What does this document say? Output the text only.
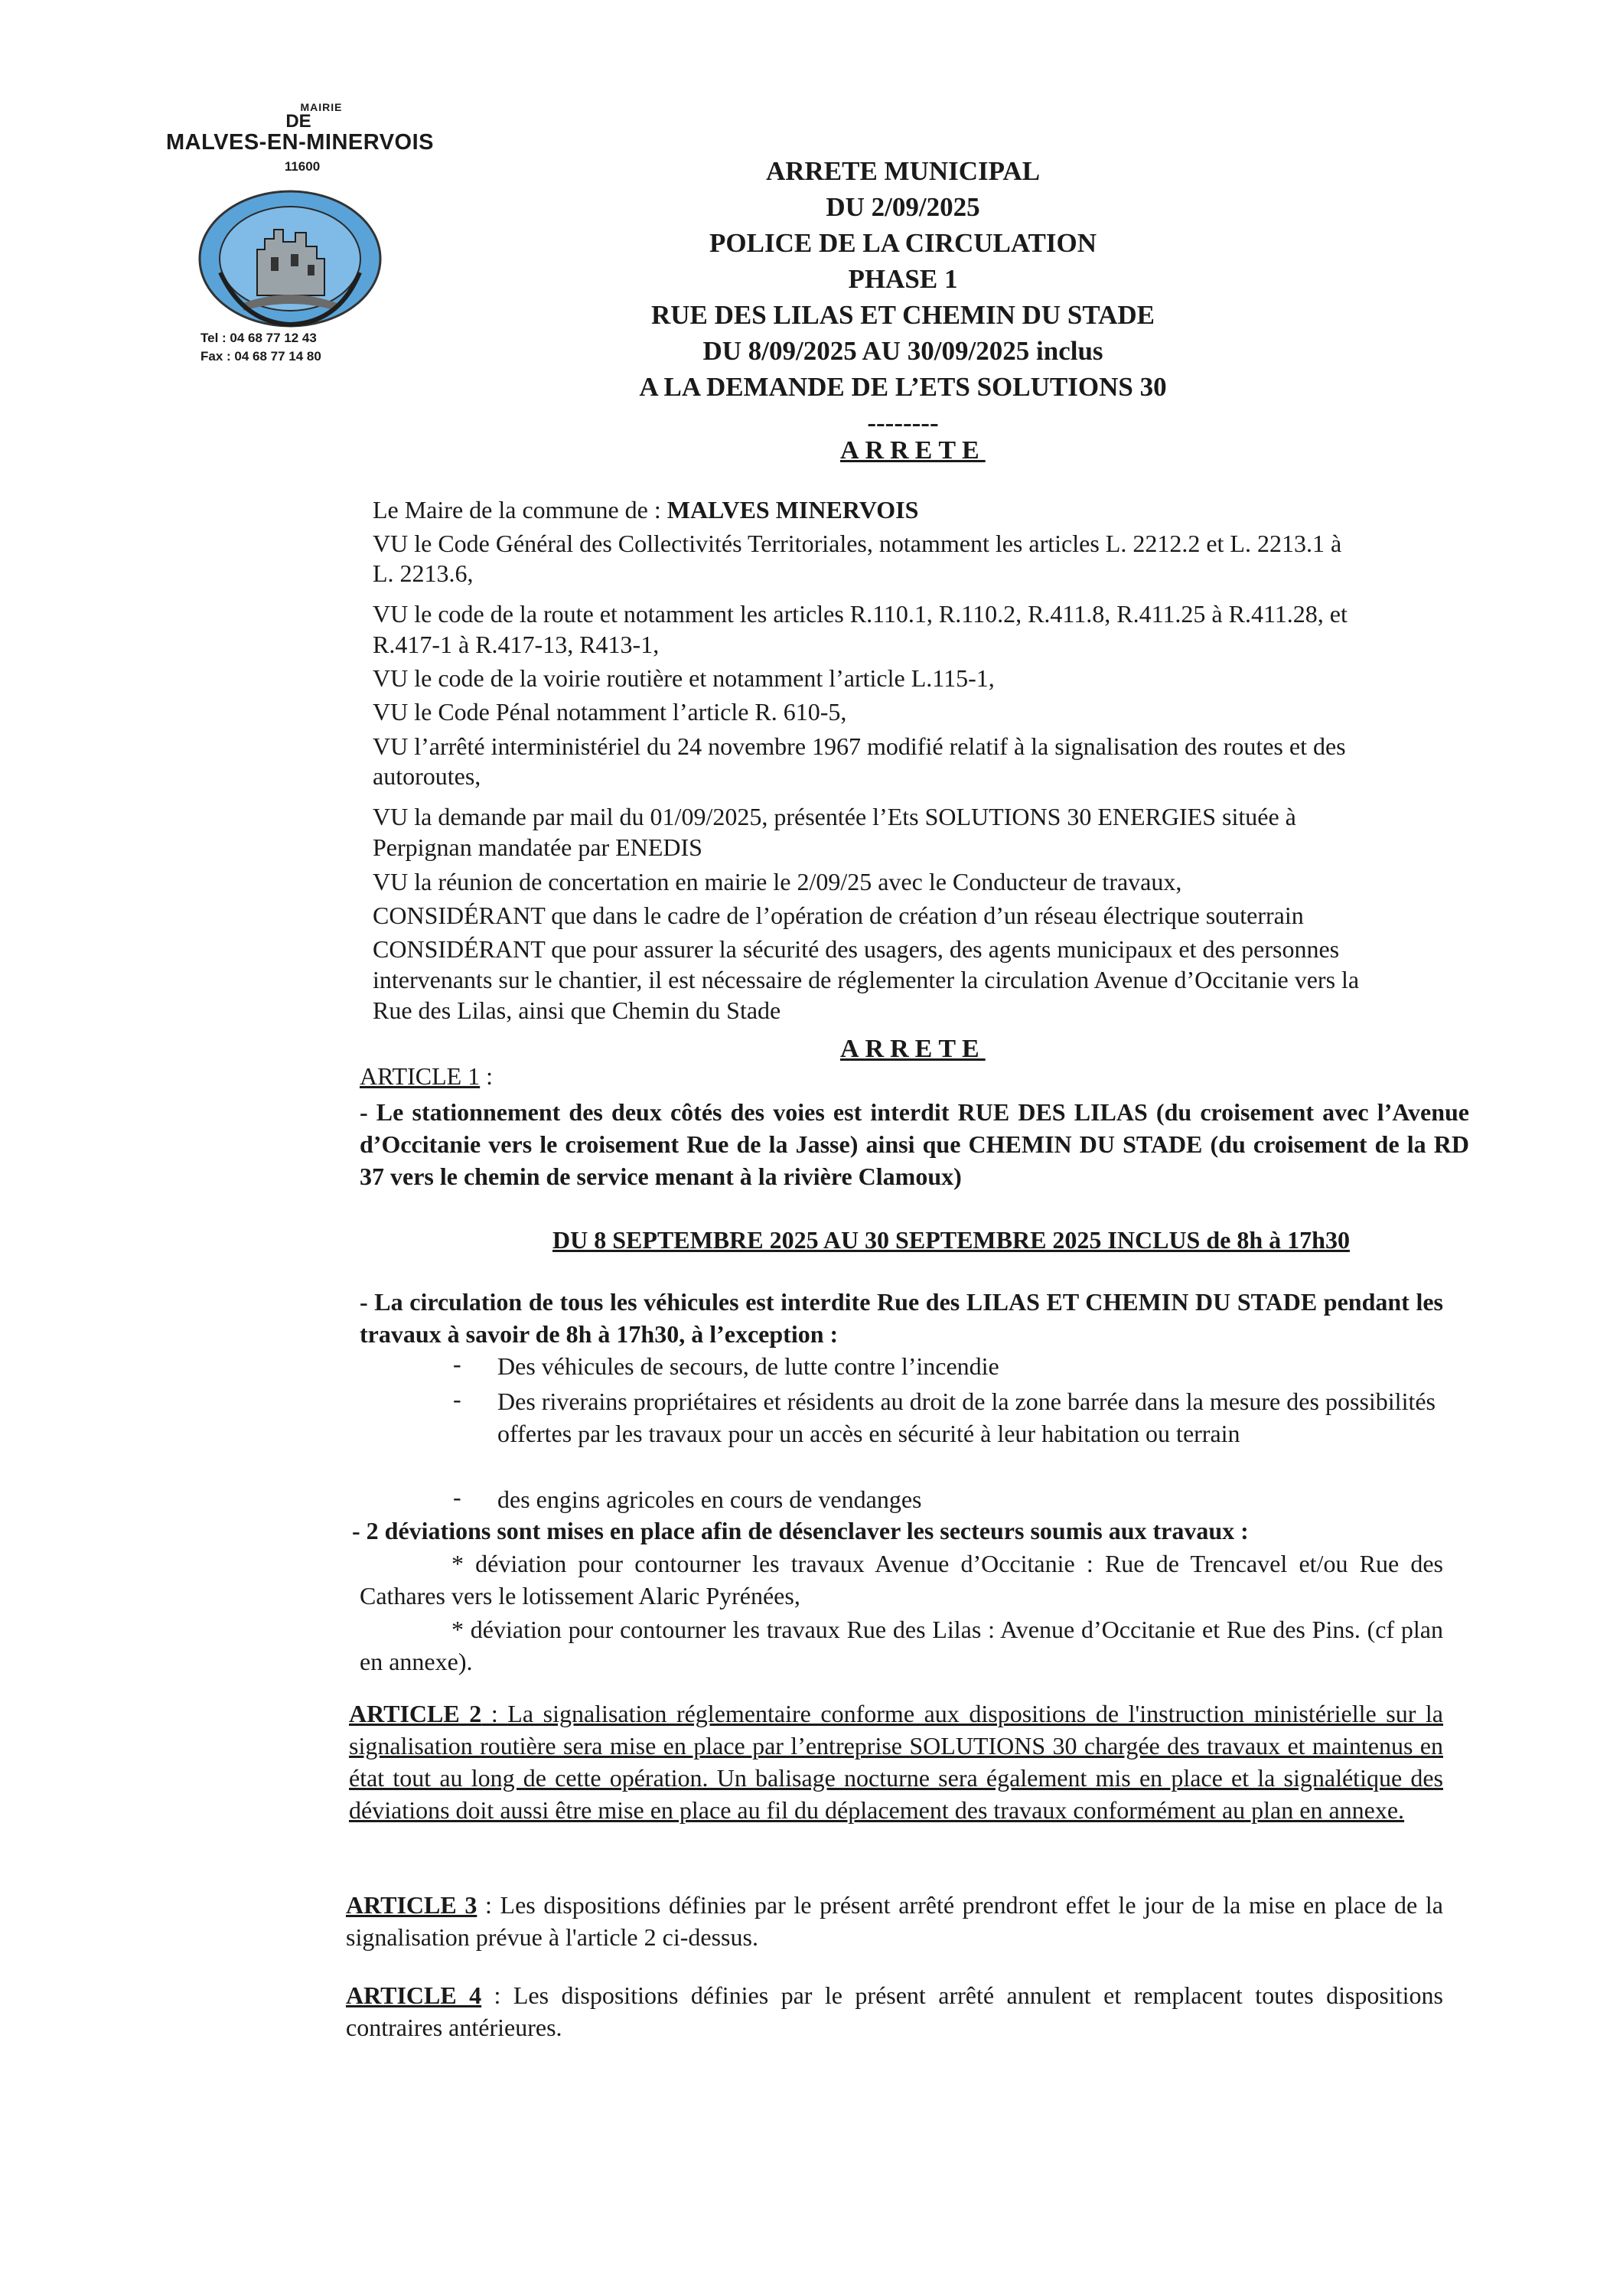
MAIRIE
DE
MALVES-EN-MINERVOIS
11600
Tel : 04 68 77 12 43
Fax : 04 68 77 14 80
ARRETE MUNICIPAL
DU 2/09/2025
POLICE DE LA CIRCULATION
PHASE 1
RUE DES LILAS ET CHEMIN DU STADE
DU 8/09/2025 AU 30/09/2025 inclus
A LA DEMANDE DE L’ETS SOLUTIONS 30
--------
ARRETE
Le Maire de la commune de : MALVES MINERVOIS
VU le Code Général des Collectivités Territoriales, notamment les articles L. 2212.2 et L. 2213.1 à
L. 2213.6,
VU le code de la route et notamment les articles R.110.1, R.110.2, R.411.8, R.411.25 à R.411.28, et
R.417-1 à R.417-13, R413-1,
VU le code de la voirie routière et notamment l’article L.115-1,
VU le Code Pénal notamment l’article R. 610-5,
VU l’arrêté interministériel du 24 novembre 1967 modifié relatif à la signalisation des routes et des
autoroutes,
VU la demande par mail du 01/09/2025, présentée l’Ets SOLUTIONS 30 ENERGIES située à
Perpignan mandatée par ENEDIS
VU la réunion de concertation en mairie le 2/09/25 avec le Conducteur de travaux,
CONSIDÉRANT que dans le cadre de l’opération de création d’un réseau électrique souterrain
CONSIDÉRANT que pour assurer la sécurité des usagers, des agents municipaux et des personnes
intervenants sur le chantier, il est nécessaire de réglementer la circulation Avenue d’Occitanie vers la
Rue des Lilas, ainsi que Chemin du Stade
ARRETE
ARTICLE 1 :
- Le stationnement des deux côtés des voies est interdit RUE DES LILAS (du croisement avec l’Avenue d’Occitanie vers le croisement Rue de la Jasse) ainsi que CHEMIN DU STADE (du croisement de la RD 37 vers le chemin de service menant à la rivière Clamoux)
DU 8 SEPTEMBRE 2025 AU 30 SEPTEMBRE 2025 INCLUS de 8h à 17h30
- La circulation de tous les véhicules est interdite Rue des LILAS ET CHEMIN DU STADE pendant les travaux à savoir de 8h à 17h30, à l’exception :
- Des véhicules de secours, de lutte contre l’incendie
- Des riverains propriétaires et résidents au droit de la zone barrée dans la mesure des possibilités offertes par les travaux pour un accès en sécurité à leur habitation ou terrain
- des engins agricoles en cours de vendanges
- 2 déviations sont mises en place afin de désenclaver les secteurs soumis aux travaux :
* déviation pour contourner les travaux Avenue d’Occitanie : Rue de Trencavel et/ou Rue des Cathares vers le lotissement Alaric Pyrénées,
* déviation pour contourner les travaux Rue des Lilas : Avenue d’Occitanie et Rue des Pins. (cf plan en annexe).
ARTICLE 2 : La signalisation réglementaire conforme aux dispositions de l'instruction ministérielle sur la signalisation routière sera mise en place par l’entreprise SOLUTIONS 30 chargée des travaux et maintenus en état tout au long de cette opération. Un balisage nocturne sera également mis en place et la signalétique des déviations doit aussi être mise en place au fil du déplacement des travaux conformément au plan en annexe.
ARTICLE 3 : Les dispositions définies par le présent arrêté prendront effet le jour de la mise en place de la signalisation prévue à l'article 2 ci-dessus.
ARTICLE 4 : Les dispositions définies par le présent arrêté annulent et remplacent toutes dispositions contraires antérieures.
